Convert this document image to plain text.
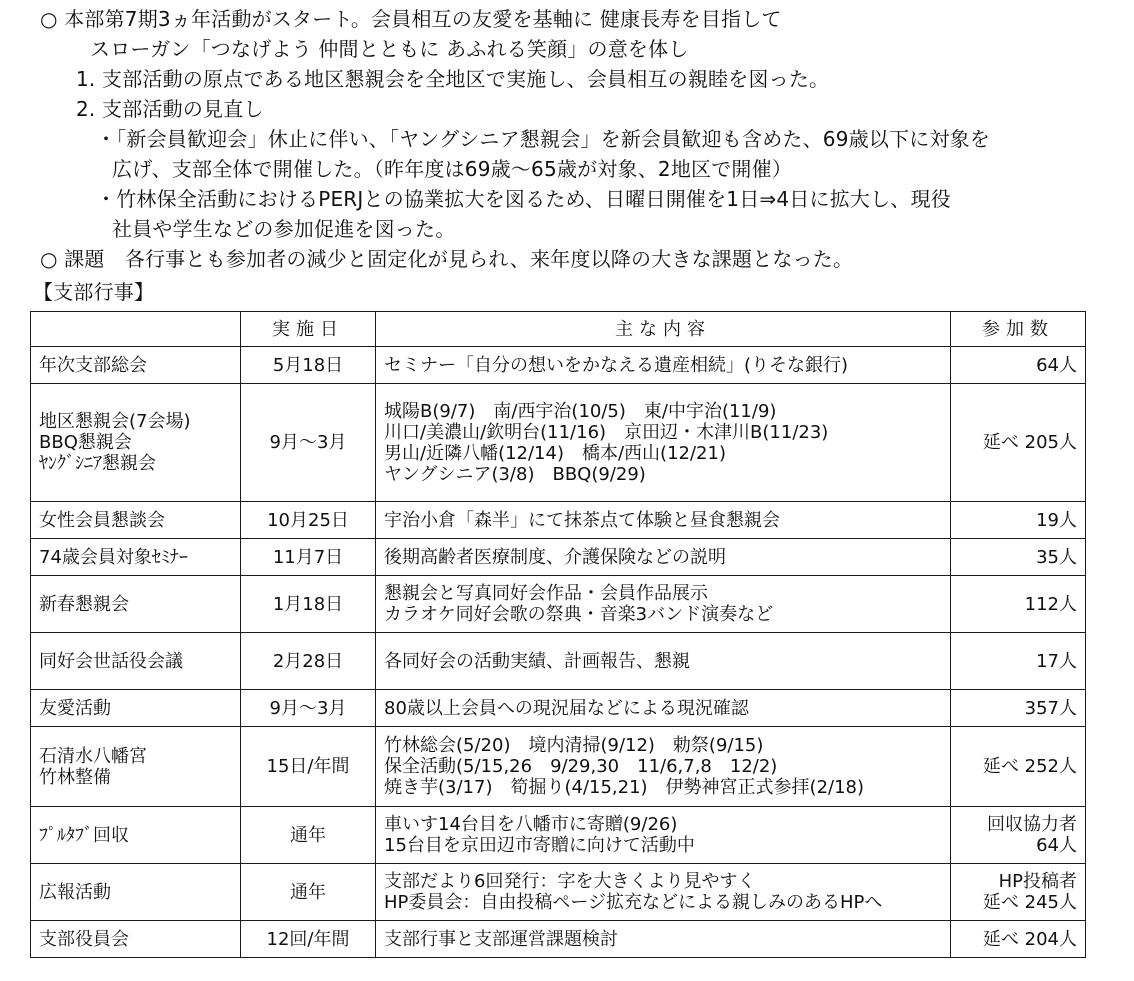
○ 本部第7期3ヵ年活動がスタート。会員相互の友愛を基軸に 健康長寿を目指して
スローガン「つなげよう 仲間とともに あふれる笑顔」の意を体し
1. 支部活動の原点である地区懇親会を全地区で実施し、会員相互の親睦を図った。
2. 支部活動の見直し
・「新会員歓迎会」休止に伴い、「ヤングシニア懇親会」を新会員歓迎も含めた、69歳以下に対象を
広げ、支部全体で開催した。（昨年度は69歳～65歳が対象、2地区で開催）
・竹林保全活動におけるPERJとの協業拡大を図るため、日曜日開催を1日⇒4日に拡大し、現役
社員や学生などの参加促進を図った。
○ 課題　各行事とも参加者の減少と固定化が見られ、来年度以降の大きな課題となった。
【支部行事】
	実施日	主な内容	参加数

年次支部総会	5月18日	セミナー「自分の想いをかなえる遺産相続」(りそな銀行)	64人

地区懇親会(7会場)
BBQ懇親会
ﾔﾝｸﾞｼﾆｱ懇親会	9月～3月	城陽B(9/7)　南/西宇治(10/5)　東/中宇治(11/9)
川口/美濃山/欽明台(11/16)　京田辺・木津川B(11/23)
男山/近隣八幡(12/14)　橋本/西山(12/21)
ヤングシニア(3/8)　BBQ(9/29)	延べ 205人

女性会員懇談会	10月25日	宇治小倉「森半」にて抹茶点て体験と昼食懇親会	19人

74歳会員対象ｾﾐﾅｰ	11月7日	後期高齢者医療制度、介護保険などの説明	35人

新春懇親会	1月18日	懇親会と写真同好会作品・会員作品展示
カラオケ同好会歌の祭典・音楽3バンド演奏など	112人

同好会世話役会議	2月28日	各同好会の活動実績、計画報告、懇親	17人

友愛活動	9月～3月	80歳以上会員への現況届などによる現況確認	357人

石清水八幡宮
竹林整備	15日/年間	竹林総会(5/20)　境内清掃(9/12)　勅祭(9/15)
保全活動(5/15,26　9/29,30　11/6,7,8　12/2)
焼き芋(3/17)　筍掘り(4/15,21)　伊勢神宮正式参拝(2/18)	延べ 252人

ﾌﾟﾙﾀﾌﾞ回収	通年	車いす14台目を八幡市に寄贈(9/26)
15台目を京田辺市寄贈に向けて活動中	回収協力者
64人

広報活動	通年	支部だより6回発行：字を大きくより見やすく
HP委員会：自由投稿ページ拡充などによる親しみのあるHPへ	HP投稿者
延べ 245人

支部役員会	12回/年間	支部行事と支部運営課題検討	延べ 204人
